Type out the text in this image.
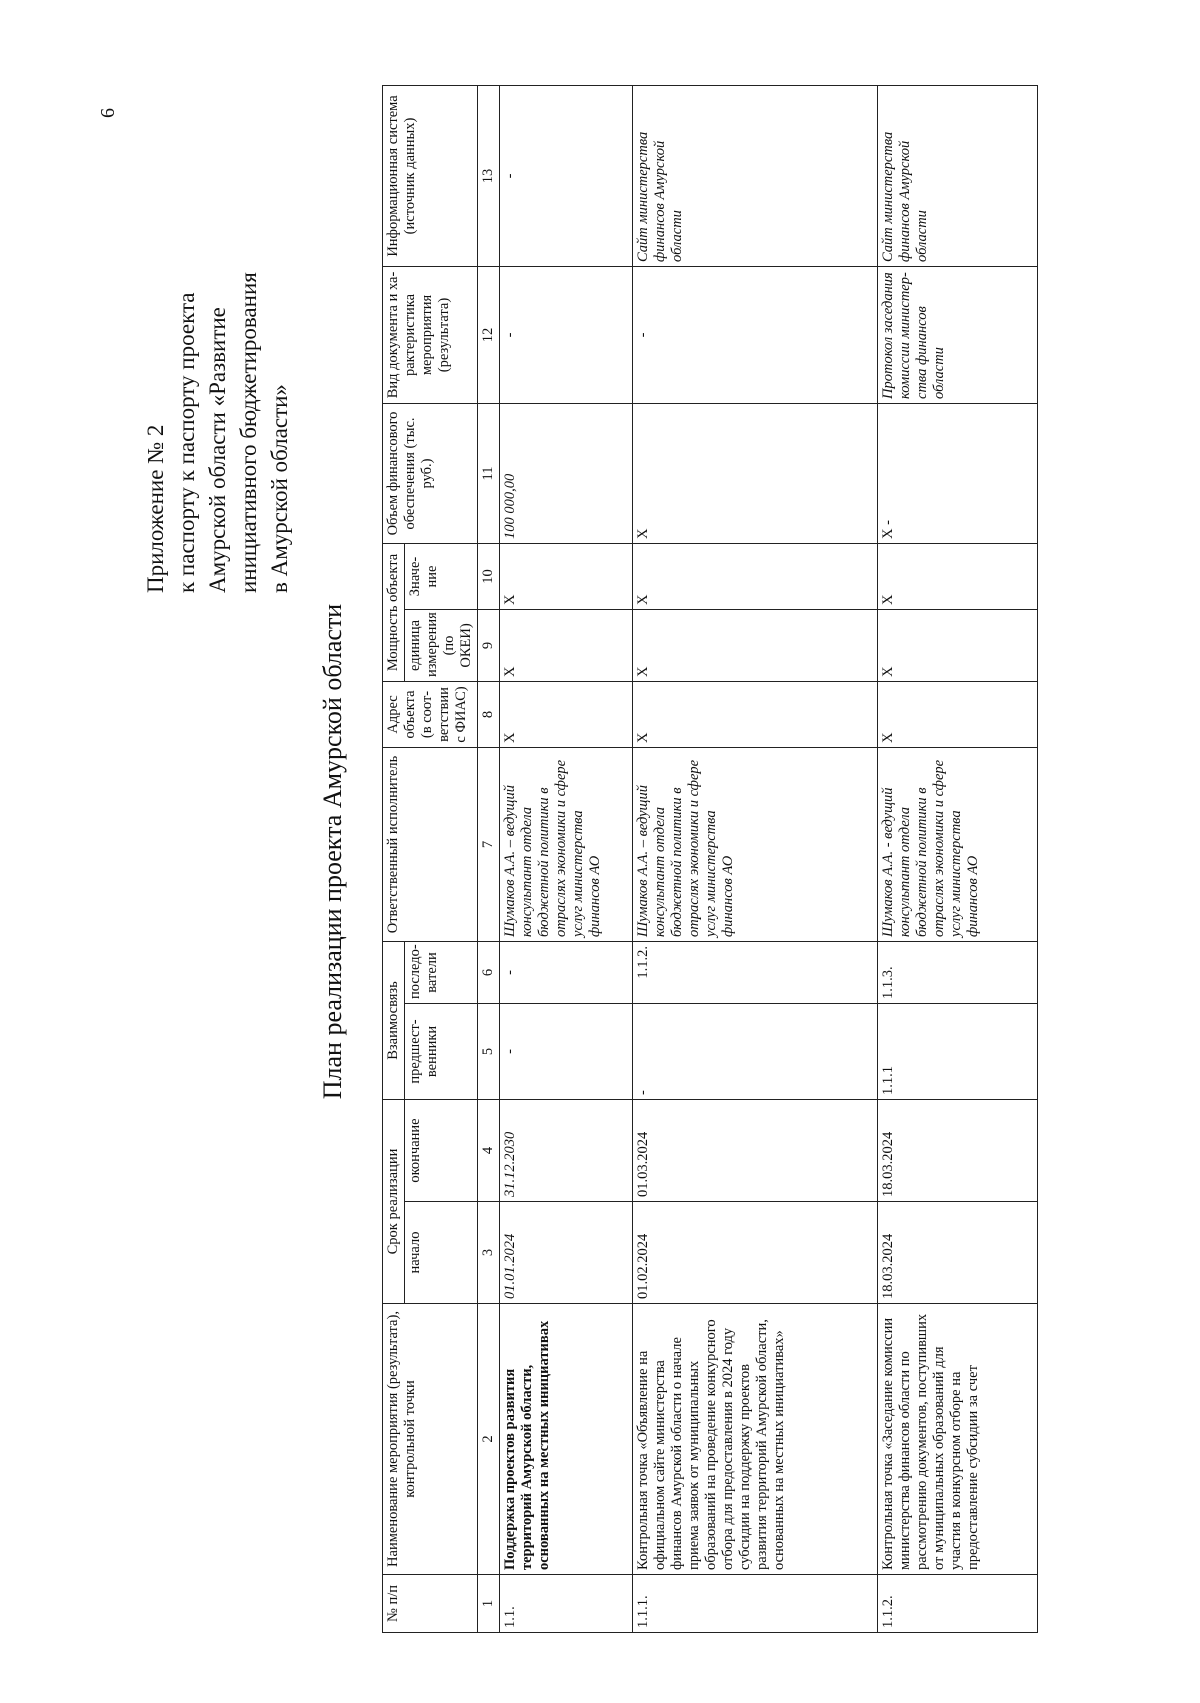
6
Приложение № 2 к паспорту к паспорту проекта Амурской области «Развитие инициативного бюджетирования в Амурской области»
План реализации проекта Амурской области
№ п/п	Наименование мероприятия (результата), контрольной точки	Срок реализации		Взаимосвязь		Ответственный исполнитель	Адрес объекта (в соот-ветствии с ФИАС)	Мощность объекта		Объем финансового обеспечения (тыс. руб.)	Вид документа и ха-рактеристика мероприятия (результата)	Информационная система (источник данных)
		начало	окончание	предшест-венники	последо-ватели			единица измерения (по ОКЕИ)	Значе-ние			
1	2	3	4	5	6	7	8	9	10	11	12	13
1.1.	Поддержка проектов развития территорий Амурской области, основанных на местных инициативах	01.01.2024	31.12.2030	-	-	Шумаков А.А. – ведущий консультант отдела бюджетной политики в отраслях экономики и сфере услуг министерства финансов АО	X	X	X	100 000,00	-	-
1.1.1.	Контрольная точка «Объявление на официальном сайте министерства финансов Амурской области о начале приема заявок от муниципальных образований на проведение конкурсного отбора для предоставления в 2024 году субсидии на поддержку проектов развития территорий Амурской области, основанных на местных инициативах»	01.02.2024	01.03.2024	-	1.1.2.	Шумаков А.А. – ведущий консультант отдела бюджетной политики в отраслях экономики и сфере услуг министерства финансов АО	X	X	X	X	-	Сайт министерства финансов Амурской области
1.1.2.	Контрольная точка «Заседание комиссии министерства финансов области по рассмотрению документов, поступивших от муниципальных образований для участия в конкурсном отборе на предоставление субсидии за счет	18.03.2024	18.03.2024	1.1.1	1.1.3.	Шумаков А.А. - ведущий консультант отдела бюджетной политики в отраслях экономики и сфере услуг министерства финансов АО	X	X	X	X -	Протокол заседания комиссии министер-ства финансов области	Сайт министерства финансов Амурской области
